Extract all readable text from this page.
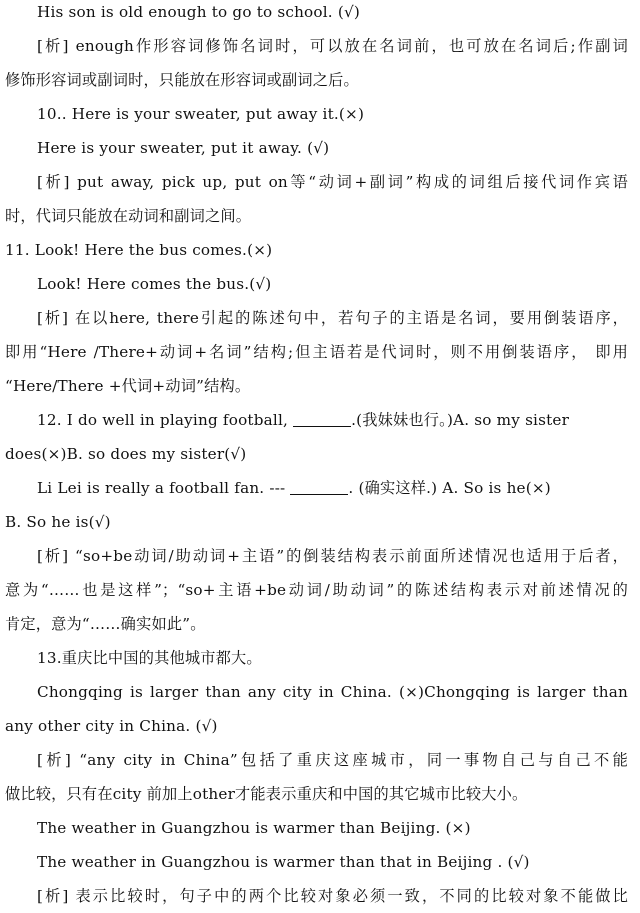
His son is old enough to go to school. (√)
[析] enough作形容词修饰名词时，可以放在名词前，也可放在名词后;作副词
修饰形容词或副词时，只能放在形容词或副词之后。
10.. Here is your sweater, put away it.(×)
Here is your sweater, put it away. (√)
[析] put away, pick up, put on等“动词+副词”构成的词组后接代词作宾语
时，代词只能放在动词和副词之间。
11. Look! Here the bus comes.(×)
Look! Here comes the bus.(√)
[析] 在以here, there引起的陈述句中，若句子的主语是名词，要用倒装语序，
即用“Here /There+动词+名词”结构;但主语若是代词时，则不用倒装语序， 即用
“Here/There +代词+动词”结构。
12. I do well in playing football,	.(我妹妹也行。)A. so my sister
does(×)B. so does my sister(√)
Li Lei is really a football fan. ---	. (确实这样.) A. So is he(×)
B. So he is(√)
[析] “so+be动词/助动词+主语”的倒装结构表示前面所述情况也适用于后者，
意为“……也是这样”；“so+主语+be动词/助动词”的陈述结构表示对前述情况的
肯定，意为“……确实如此”。
13.重庆比中国的其他城市都大。
Chongqing is larger than any city in China. (×)Chongqing is larger than
any other city in China. (√)
[析] “any city in China”包括了重庆这座城市，同一事物自己与自己不能
做比较，只有在city 前加上other才能表示重庆和中国的其它城市比较大小。
The weather in Guangzhou is warmer than Beijing. (×)
The weather in Guangzhou is warmer than that in Beijing . (√)
[析] 表示比较时，句子中的两个比较对象必须一致，不同的比较对象不能做比
